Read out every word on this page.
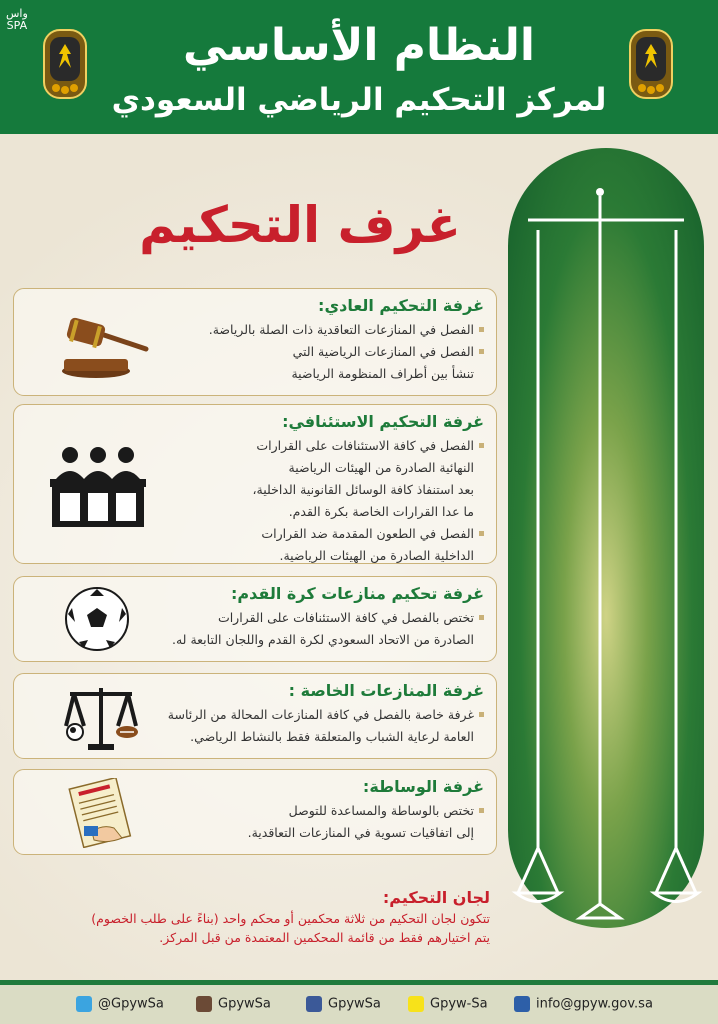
واس
SPA	النظام الأساسي
لمركز التحكيم الرياضي السعودي
غرف التحكيم
غرفة التحكيم العادي:
الفصل في المنازعات التعاقدية ذات الصلة بالرياضة.
الفصل في المنازعات الرياضية التي
تنشأ بين أطراف المنظومة الرياضية
غرفة التحكيم الاستئنافي:
الفصل في كافة الاستئنافات على القرارات
النهائية الصادرة من الهيئات الرياضية
بعد استنفاذ كافة الوسائل القانونية الداخلية،
ما عدا القرارات الخاصة بكرة القدم.
الفصل في الطعون المقدمة ضد القرارات
الداخلية الصادرة من الهيئات الرياضية.
غرفة تحكيم منازعات كرة القدم:
تختص بالفصل في كافة الاستئنافات على القرارات
الصادرة من الاتحاد السعودي لكرة القدم واللجان التابعة له.
غرفة المنازعات الخاصة :
غرفة خاصة بالفصل في كافة المنازعات المحالة من الرئاسة
العامة لرعاية الشباب والمتعلقة فقط بالنشاط الرياضي.
غرفة الوساطة:
تختص بالوساطة والمساعدة للتوصل
إلى اتفاقيات تسوية في المنازعات التعاقدية.
لجان التحكيم:

تتكون لجان التحكيم من ثلاثة محكمين أو محكم واحد (بناءً على طلب الخصوم)

يتم اختيارهم فقط من قائمة المحكمين المعتمدة من قبل المركز.

@GpywSa	GpywSa	GpywSa	Gpyw-Sa	info@gpyw.gov.sa
